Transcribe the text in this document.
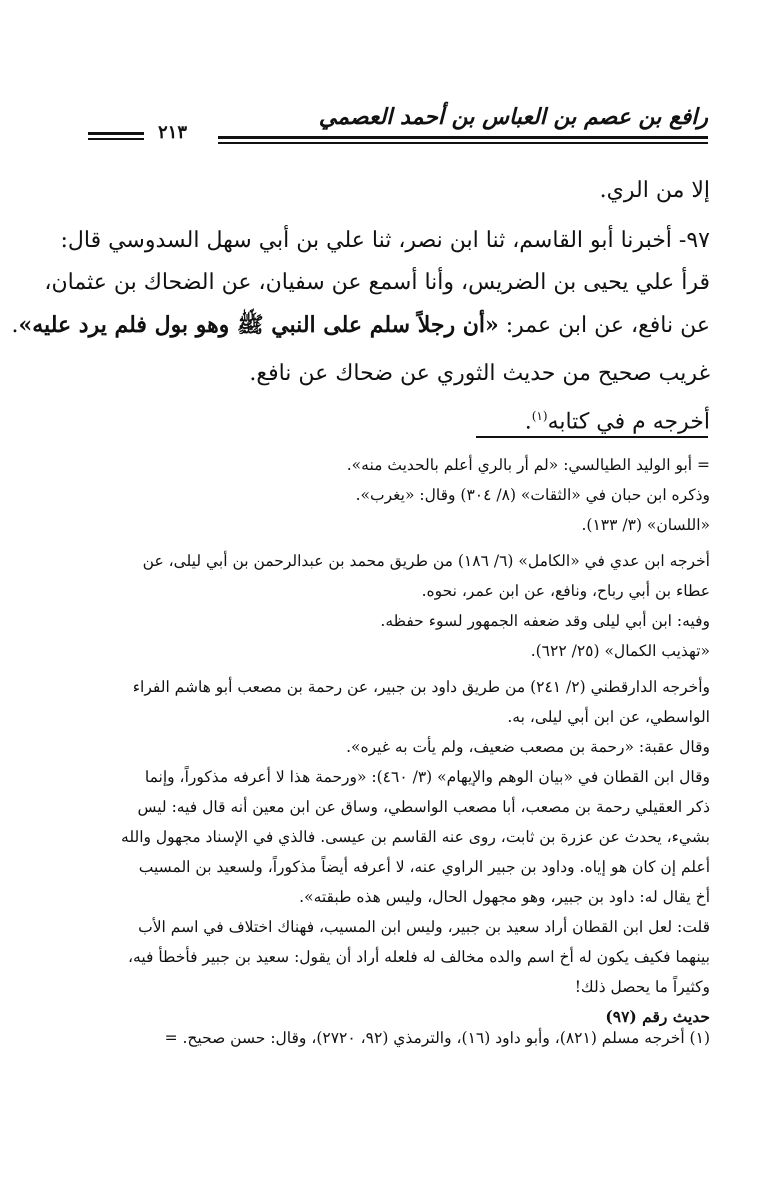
٢١٣
رافع بن عصم بن العباس بن أحمد العصمي
إلا من الري.
٩٧- أخبرنا أبو القاسم، ثنا ابن نصر، ثنا علي بن أبي سهل السدوسي قال:
قرأ علي يحيى بن الضريس، وأنا أسمع عن سفيان، عن الضحاك بن عثمان،
عن نافع، عن ابن عمر: «أن رجلاً سلم على النبي ﷺ وهو بول فلم يرد عليه».
غريب صحيح من حديث الثوري عن ضحاك عن نافع.
أخرجه م في كتابه$^{(١)}$.
= أبو الوليد الطيالسي: «لم أر بالري أعلم بالحديث منه».
وذكره ابن حبان في «الثقات» (٨/ ٣٠٤) وقال: «يغرب».
«اللسان» (٣/ ١٣٣).
أخرجه ابن عدي في «الكامل» (٦/ ١٨٦) من طريق محمد بن عبدالرحمن بن أبي ليلى، عن
عطاء بن أبي رباح، ونافع، عن ابن عمر، نحوه.
وفيه: ابن أبي ليلى وقد ضعفه الجمهور لسوء حفظه.
«تهذيب الكمال» (٢٥/ ٦٢٢).
وأخرجه الدارقطني (٢/ ٢٤١) من طريق داود بن جبير، عن رحمة بن مصعب أبو هاشم الفراء
الواسطي، عن ابن أبي ليلى، به.
وقال عقبة: «رحمة بن مصعب ضعيف، ولم يأت به غيره».
وقال ابن القطان في «بيان الوهم والإيهام» (٣/ ٤٦٠): «ورحمة هذا لا أعرفه مذكوراً، وإنما
ذكر العقيلي رحمة بن مصعب، أبا مصعب الواسطي، وساق عن ابن معين أنه قال فيه: ليس
بشيء، يحدث عن عزرة بن ثابت، روى عنه القاسم بن عيسى. فالذي في الإسناد مجهول والله
أعلم إن كان هو إياه. وداود بن جبير الراوي عنه، لا أعرفه أيضاً مذكوراً، ولسعيد بن المسيب
أخ يقال له: داود بن جبير، وهو مجهول الحال، وليس هذه طبقته».
قلت: لعل ابن القطان أراد سعيد بن جبير، وليس ابن المسيب، فهناك اختلاف في اسم الأب
بينهما فكيف يكون له أخ اسم والده مخالف له فلعله أراد أن يقول: سعيد بن جبير فأخطأ فيه،
وكثيراً ما يحصل ذلك!
حديث رقم (٩٧)
(١) أخرجه مسلم (٨٢١)، وأبو داود (١٦)، والترمذي (٩٢، ٢٧٢٠)، وقال: حسن صحيح. =
